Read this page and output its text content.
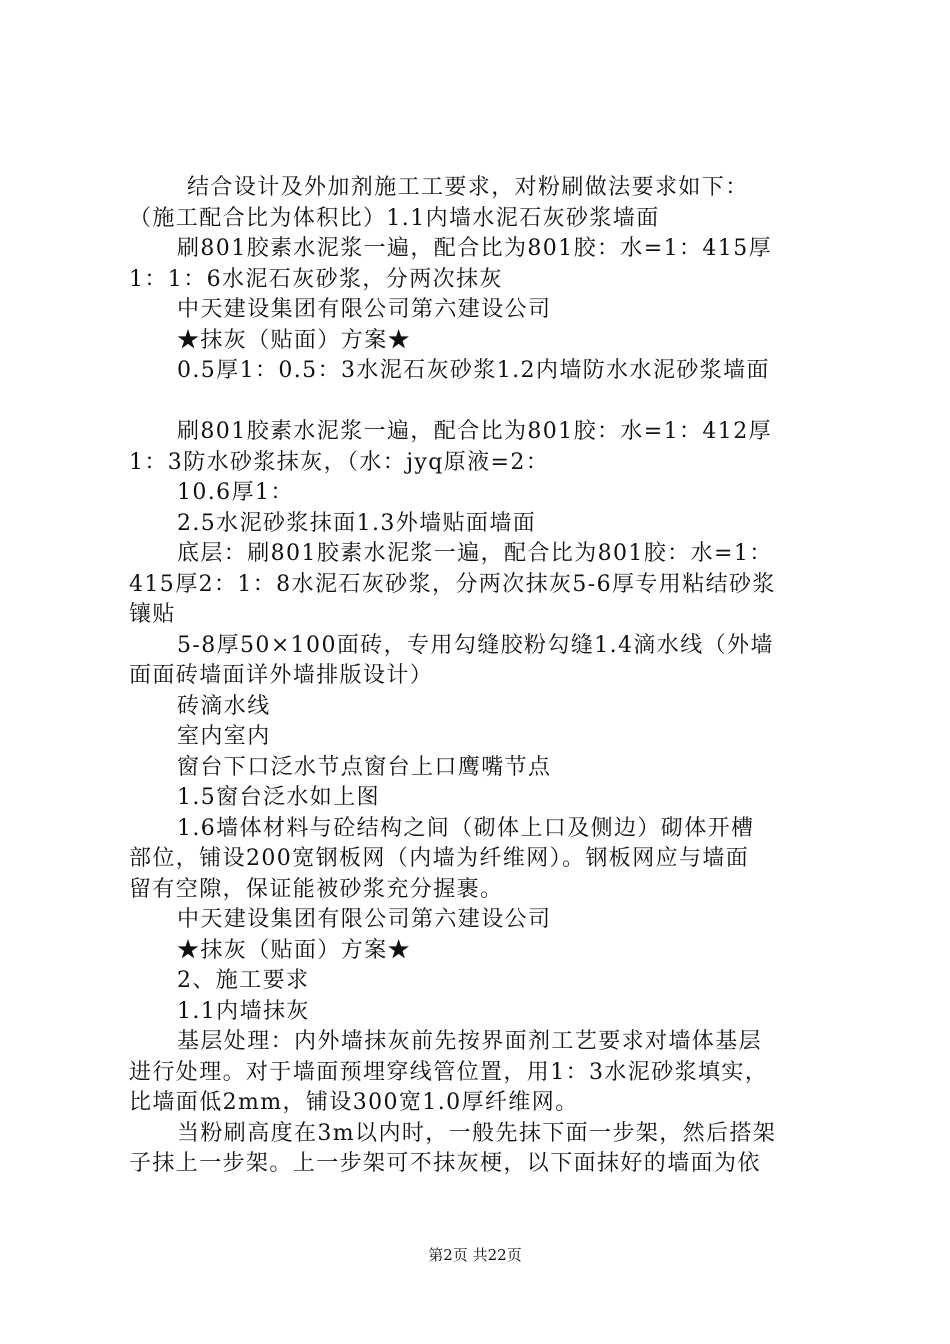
结合设计及外加剂施工工要求，对粉刷做法要求如下：
（施工配合比为体积比）1.1内墙水泥石灰砂浆墙面
刷801胶素水泥浆一遍，配合比为801胶：水=1：415厚
1：1：6水泥石灰砂浆，分两次抹灰
中天建设集团有限公司第六建设公司
★抹灰（贴面）方案★
0.5厚1：0.5：3水泥石灰砂浆1.2内墙防水水泥砂浆墙面
刷801胶素水泥浆一遍，配合比为801胶：水=1：412厚
1：3防水砂浆抹灰，（水：jyq原液=2：
10.6厚1：
2.5水泥砂浆抹面1.3外墙贴面墙面
底层：刷801胶素水泥浆一遍，配合比为801胶：水=1：
415厚2：1：8水泥石灰砂浆，分两次抹灰5-6厚专用粘结砂浆
镶贴
5-8厚50×100面砖，专用勾缝胶粉勾缝1.4滴水线（外墙
面面砖墙面详外墙排版设计）
砖滴水线
室内室内
窗台下口泛水节点窗台上口鹰嘴节点
1.5窗台泛水如上图
1.6墙体材料与砼结构之间（砌体上口及侧边）砌体开槽
部位，铺设200宽钢板网（内墙为纤维网）。钢板网应与墙面
留有空隙，保证能被砂浆充分握裹。
中天建设集团有限公司第六建设公司
★抹灰（贴面）方案★
2、施工要求
1.1内墙抹灰
基层处理：内外墙抹灰前先按界面剂工艺要求对墙体基层
进行处理。对于墙面预埋穿线管位置，用1：3水泥砂浆填实，
比墙面低2mm，铺设300宽1.0厚纤维网。
当粉刷高度在3m以内时，一般先抹下面一步架，然后搭架
子抹上一步架。上一步架可不抹灰梗，以下面抹好的墙面为依
第2页 共22页
